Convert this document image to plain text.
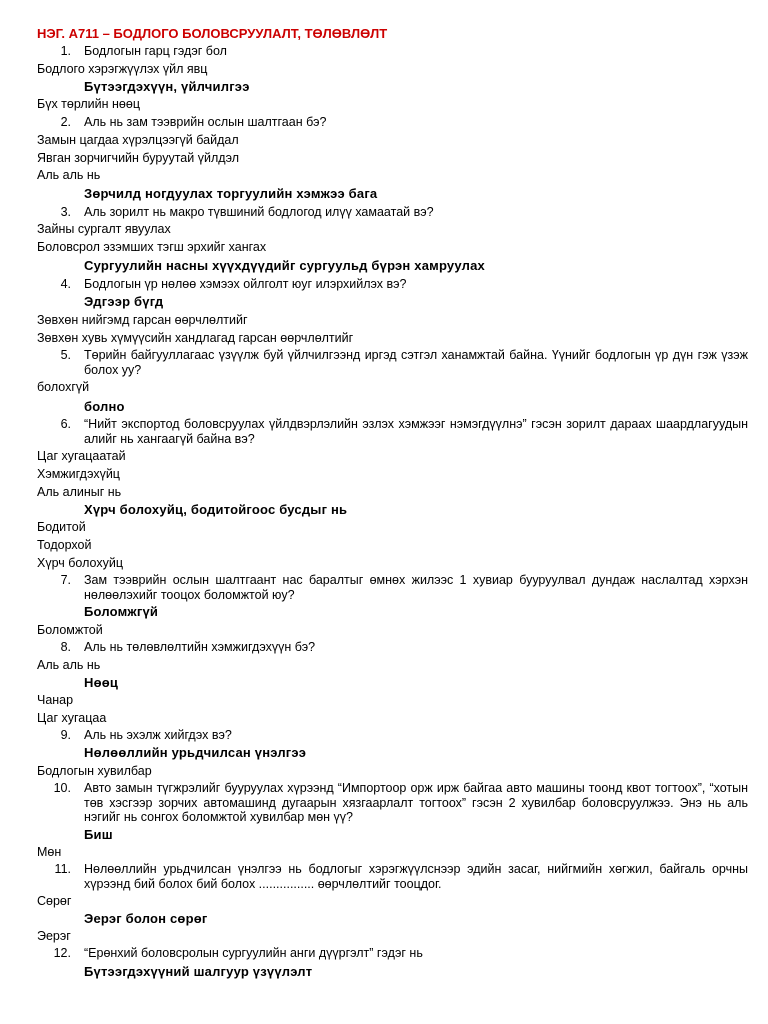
НЭГ. A711 – БОДЛОГО БОЛОВСРУУЛАЛТ, ТӨЛӨВЛӨЛТ
1. Бодлогын гарц гэдэг бол
Бодлого хэрэгжүүлэх үйл явц
Бүтээгдэхүүн, үйлчилгээ
Бүх төрлийн нөөц
2. Аль нь зам тээврийн ослын шалтгаан бэ?
Замын цагдаа хүрэлцээгүй байдал
Явган зорчигчийн буруутай үйлдэл
Аль аль нь
Зөрчилд ногдуулах торгуулийн хэмжээ бага
3. Аль зорилт нь макро түвшиний бодлогод илүү хамаатай вэ?
Зайны сургалт явуулах
Боловсрол эзэмших тэгш эрхийг хангах
Сургуулийн насны хүүхдүүдийг сургуульд бүрэн хамруулах
4. Бодлогын үр нөлөө хэмээх ойлголт юуг илэрхийлэх вэ?
Эдгээр бүгд
Зөвхөн нийгэмд гарсан өөрчлөлтийг
Зөвхөн хувь хүмүүсийн хандлагад гарсан өөрчлөлтийг
5. Төрийн байгууллагаас үзүүлж буй үйлчилгээнд иргэд сэтгэл ханамжтай байна. Үүнийг бодлогын үр дүн гэж үзэж болох уу?
болохгүй
болно
6. “Нийт экспортод боловсруулах үйлдвэрлэлийн эзлэх хэмжээг нэмэгдүүлнэ” гэсэн зорилт дараах шаардлагуудын алийг нь хангаагүй байна вэ?
Цаг хугацаатай
Хэмжигдэхүйц
Аль алиныг нь
Хүрч болохуйц, бодитойгоос бусдыг нь
Бодитой
Тодорхой
Хүрч болохуйц
7. Зам тээврийн ослын шалтгаант нас баралтыг өмнөх жилээс 1 хувиар бууруулвал дундаж наслалтад хэрхэн нөлөөлэхийг тооцох боломжтой юу?
Боломжгүй
Боломжтой
8. Аль нь төлөвлөлтийн хэмжигдэхүүн бэ?
Аль аль нь
Нөөц
Чанар
Цаг хугацаа
9. Аль нь эхэлж хийгдэх вэ?
Нөлөөллийн урьдчилсан үнэлгээ
Бодлогын хувилбар
10. Авто замын түгжрэлийг бууруулах хүрээнд “Импортоор орж ирж байгаа авто машины тоонд квот тогтоох”, “хотын төв хэсгээр зорчих автомашинд дугаарын хязгаарлалт тогтоох” гэсэн 2 хувилбар боловсруулжээ. Энэ нь аль нэгийг нь сонгох боломжтой хувилбар мөн үү?
Биш
Мөн
11. Нөлөөллийн урьдчилсан үнэлгээ нь бодлогыг хэрэгжүүлснээр эдийн засаг, нийгмийн хөгжил, байгаль орчны хүрээнд бий болох бий болох ................ өөрчлөлтийг тооцдог.
Сөрөг
Эерэг болон сөрөг
Эерэг
12. “Ерөнхий боловсролын сургуулийн анги дүүргэлт” гэдэг нь
Бүтээгдэхүүний шалгуур үзүүлэлт
